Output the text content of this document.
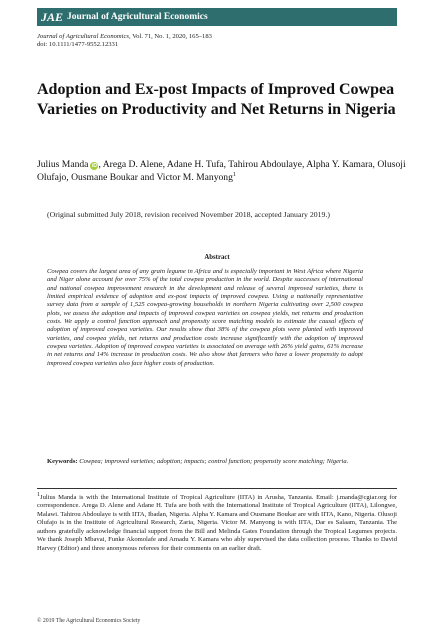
JAE Journal of Agricultural Economics
Journal of Agricultural Economics, Vol. 71, No. 1, 2020, 165–183
doi: 10.1111/1477-9552.12331
Adoption and Ex-post Impacts of Improved Cowpea Varieties on Productivity and Net Returns in Nigeria
Julius Manda iD , Arega D. Alene, Adane H. Tufa, Tahirou Abdoulaye, Alpha Y. Kamara, Olusoji Olufajo, Ousmane Boukar and Victor M. Manyong$^1$
(Original submitted July 2018, revision received November 2018, accepted January 2019.)
Abstract
Cowpea covers the largest area of any grain legume in Africa and is especially important in West Africa where Nigeria and Niger alone account for over 75% of the total cowpea production in the world. Despite successes of international and national cowpea improvement research in the development and release of several improved varieties, there is limited empirical evidence of adoption and ex-post impacts of improved cowpea. Using a nationally representative survey data from a sample of 1,525 cowpea-growing households in northern Nigeria cultivating over 2,500 cowpea plots, we assess the adoption and impacts of improved cowpea varieties on cowpea yields, net returns and production costs. We apply a control function approach and propensity score matching models to estimate the causal effects of adoption of improved cowpea varieties. Our results show that 38% of the cowpea plots were planted with improved varieties, and cowpea yields, net returns and production costs increase significantly with the adoption of improved cowpea varieties. Adoption of improved cowpea varieties is associated on average with 26% yield gains, 61% increase in net returns and 14% increase in production costs. We also show that farmers who have a lower propensity to adopt improved cowpea varieties also face higher costs of production.
Keywords: Cowpea; improved varieties; adoption; impacts; control function; propensity score matching; Nigeria.
1Julius Manda is with the International Institute of Tropical Agriculture (IITA) in Arusha, Tanzania. Email: j.manda@cgiar.org for correspondence. Arega D. Alene and Adane H. Tufa are both with the International Institute of Tropical Agriculture (IITA), Lilongwe, Malawi. Tahirou Abdoulaye is with IITA, Ibadan, Nigeria. Alpha Y. Kamara and Ousmane Boukar are with IITA, Kano, Nigeria. Olusoji Olufajo is in the Institute of Agricultural Research, Zaria, Nigeria. Victor M. Manyong is with IITA, Dar es Salaam, Tanzania. The authors gratefully acknowledge financial support from the Bill and Melinda Gates Foundation through the Tropical Legumes projects. We thank Joseph Mbavai, Funke Akomolafe and Amadu Y. Kamara who ably supervised the data collection process. Thanks to David Harvey (Editor) and three anonymous referees for their comments on an earlier draft.
© 2019 The Agricultural Economics Society
